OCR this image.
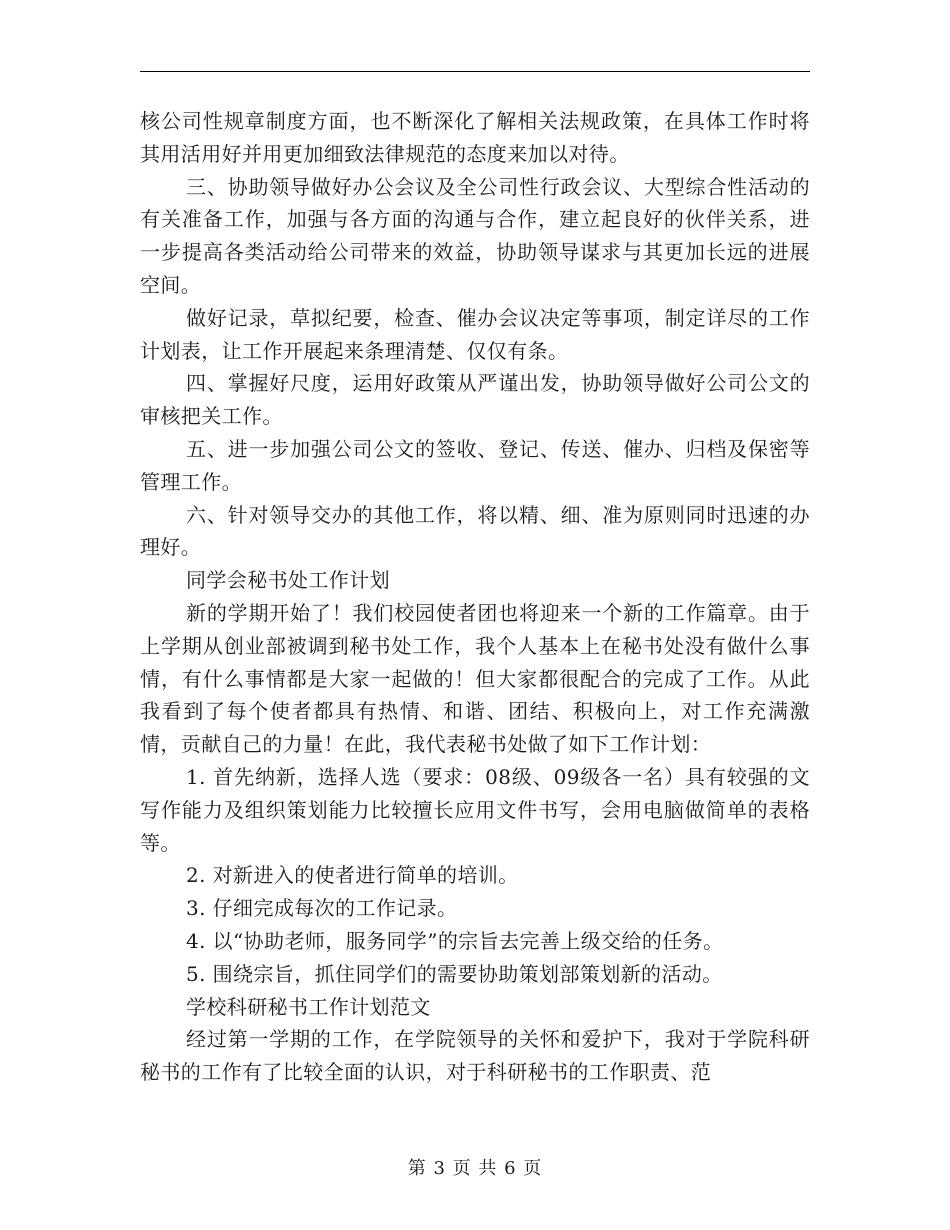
核公司性规章制度方面，也不断深化了解相关法规政策，在具体工作时将其用活用好并用更加细致法律规范的态度来加以对待。

三、协助领导做好办公会议及全公司性行政会议、大型综合性活动的有关准备工作，加强与各方面的沟通与合作，建立起良好的伙伴关系，进一步提高各类活动给公司带来的效益，协助领导谋求与其更加长远的进展空间。

做好记录，草拟纪要，检查、催办会议决定等事项，制定详尽的工作计划表，让工作开展起来条理清楚、仅仅有条。

四、掌握好尺度，运用好政策从严谨出发，协助领导做好公司公文的审核把关工作。

五、进一步加强公司公文的签收、登记、传送、催办、归档及保密等管理工作。

六、针对领导交办的其他工作，将以精、细、准为原则同时迅速的办理好。

同学会秘书处工作计划

新的学期开始了！我们校园使者团也将迎来一个新的工作篇章。由于上学期从创业部被调到秘书处工作，我个人基本上在秘书处没有做什么事情，有什么事情都是大家一起做的！但大家都很配合的完成了工作。从此我看到了每个使者都具有热情、和谐、团结、积极向上，对工作充满激情，贡献自己的力量！在此，我代表秘书处做了如下工作计划：

1. 首先纳新，选择人选（要求：08级、09级各一名）具有较强的文写作能力及组织策划能力比较擅长应用文件书写，会用电脑做简单的表格等。

2. 对新进入的使者进行简单的培训。

3. 仔细完成每次的工作记录。

4. 以“协助老师，服务同学”的宗旨去完善上级交给的任务。

5. 围绕宗旨，抓住同学们的需要协助策划部策划新的活动。

学校科研秘书工作计划范文

经过第一学期的工作，在学院领导的关怀和爱护下，我对于学院科研秘书的工作有了比较全面的认识，对于科研秘书的工作职责、范

第 3 页 共 6 页
